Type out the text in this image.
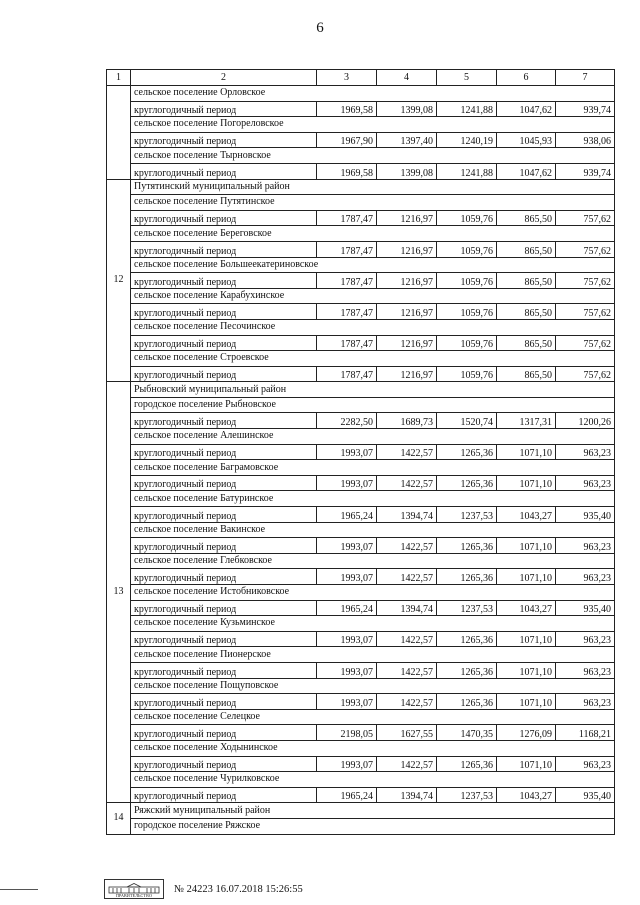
6
1	2	3	4	5	6	7
	сельское поселение Орловское					
	круглогодичный период	1969,58	1399,08	1241,88	1047,62	939,74
	сельское поселение Погореловское					
	круглогодичный период	1967,90	1397,40	1240,19	1045,93	938,06
	сельское поселение Тырновское					
	круглогодичный период	1969,58	1399,08	1241,88	1047,62	939,74
12	Путятинский муниципальный район					
	сельское поселение Путятинское					
	круглогодичный период	1787,47	1216,97	1059,76	865,50	757,62
	сельское поселение Береговское					
	круглогодичный период	1787,47	1216,97	1059,76	865,50	757,62
	сельское поселение Большеекатериновское					
	круглогодичный период	1787,47	1216,97	1059,76	865,50	757,62
	сельское поселение Карабухинское					
	круглогодичный период	1787,47	1216,97	1059,76	865,50	757,62
	сельское поселение Песочинское					
	круглогодичный период	1787,47	1216,97	1059,76	865,50	757,62
	сельское поселение Строевское					
	круглогодичный период	1787,47	1216,97	1059,76	865,50	757,62
13	Рыбновский муниципальный район					
	городское поселение Рыбновское					
	круглогодичный период	2282,50	1689,73	1520,74	1317,31	1200,26
	сельское поселение Алешинское					
	круглогодичный период	1993,07	1422,57	1265,36	1071,10	963,23
	сельское поселение Баграмовское					
	круглогодичный период	1993,07	1422,57	1265,36	1071,10	963,23
	сельское поселение Батуринское					
	круглогодичный период	1965,24	1394,74	1237,53	1043,27	935,40
	сельское поселение Вакинское					
	круглогодичный период	1993,07	1422,57	1265,36	1071,10	963,23
	сельское поселение Глебковское					
	круглогодичный период	1993,07	1422,57	1265,36	1071,10	963,23
	сельское поселение Истобниковское					
	круглогодичный период	1965,24	1394,74	1237,53	1043,27	935,40
	сельское поселение Кузьминское					
	круглогодичный период	1993,07	1422,57	1265,36	1071,10	963,23
	сельское поселение Пионерское					
	круглогодичный период	1993,07	1422,57	1265,36	1071,10	963,23
	сельское поселение Пощуповское					
	круглогодичный период	1993,07	1422,57	1265,36	1071,10	963,23
	сельское поселение Селецкое					
	круглогодичный период	2198,05	1627,55	1470,35	1276,09	1168,21
	сельское поселение Ходынинское					
	круглогодичный период	1993,07	1422,57	1265,36	1071,10	963,23
	сельское поселение Чурилковское					
	круглогодичный период	1965,24	1394,74	1237,53	1043,27	935,40
14	Ряжский муниципальный район					
	городское поселение Ряжское					
ПРАВИТЕЛЬСТВО
№ 24223 16.07.2018 15:26:55
